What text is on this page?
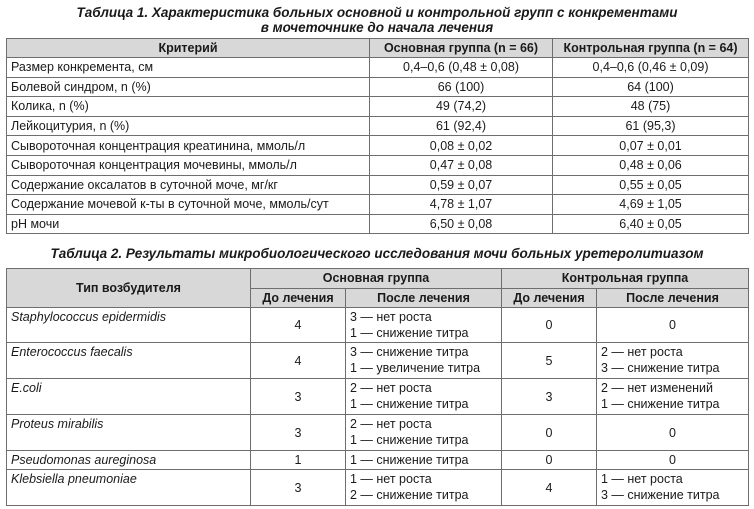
Таблица 1. Характеристика больных основной и контрольной групп с конкрементами
в мочеточнике до начала лечения
Критерий	Основная группа (n = 66)	Контрольная группа (n = 64)
Размер конкремента, см	0,4–0,6 (0,48 ± 0,08)	0,4–0,6 (0,46 ± 0,09)
Болевой синдром, n (%)	66 (100)	64 (100)
Колика, n (%)	49 (74,2)	48 (75)
Лейкоцитурия, n (%)	61 (92,4)	61 (95,3)
Сывороточная концентрация креатинина, ммоль/л	0,08 ± 0,02	0,07 ± 0,01
Сывороточная концентрация мочевины, ммоль/л	0,47 ± 0,08	0,48 ± 0,06
Содержание оксалатов в суточной моче, мг/кг	0,59 ± 0,07	0,55 ± 0,05
Содержание мочевой к-ты в суточной моче, ммоль/сут	4,78 ± 1,07	4,69 ± 1,05
pH мочи	6,50 ± 0,08	6,40 ± 0,05
Таблица 2. Результаты микробиологического исследования мочи больных уретеролитиазом
Тип возбудителя	Основная группа		Контрольная группа	
	До лечения	После лечения	До лечения	После лечения
Staphylococcus epidermidis	4	3 — нет роста
1 — снижение титра	0	0

Enterococcus faecalis	4	3 — снижение титра
1 — увеличение титра	5	2 — нет роста
3 — снижение титра

E.coli	3	2 — нет роста
1 — снижение титра	3	2 — нет изменений
1 — снижение титра

Proteus mirabilis	3	2 — нет роста
1 — снижение титра	0	0

Pseudomonas aureginosa	1	1 — снижение титра	0	0

Klebsiella pneumoniae	3	1 — нет роста
2 — снижение титра	4	1 — нет роста
3 — снижение титра
